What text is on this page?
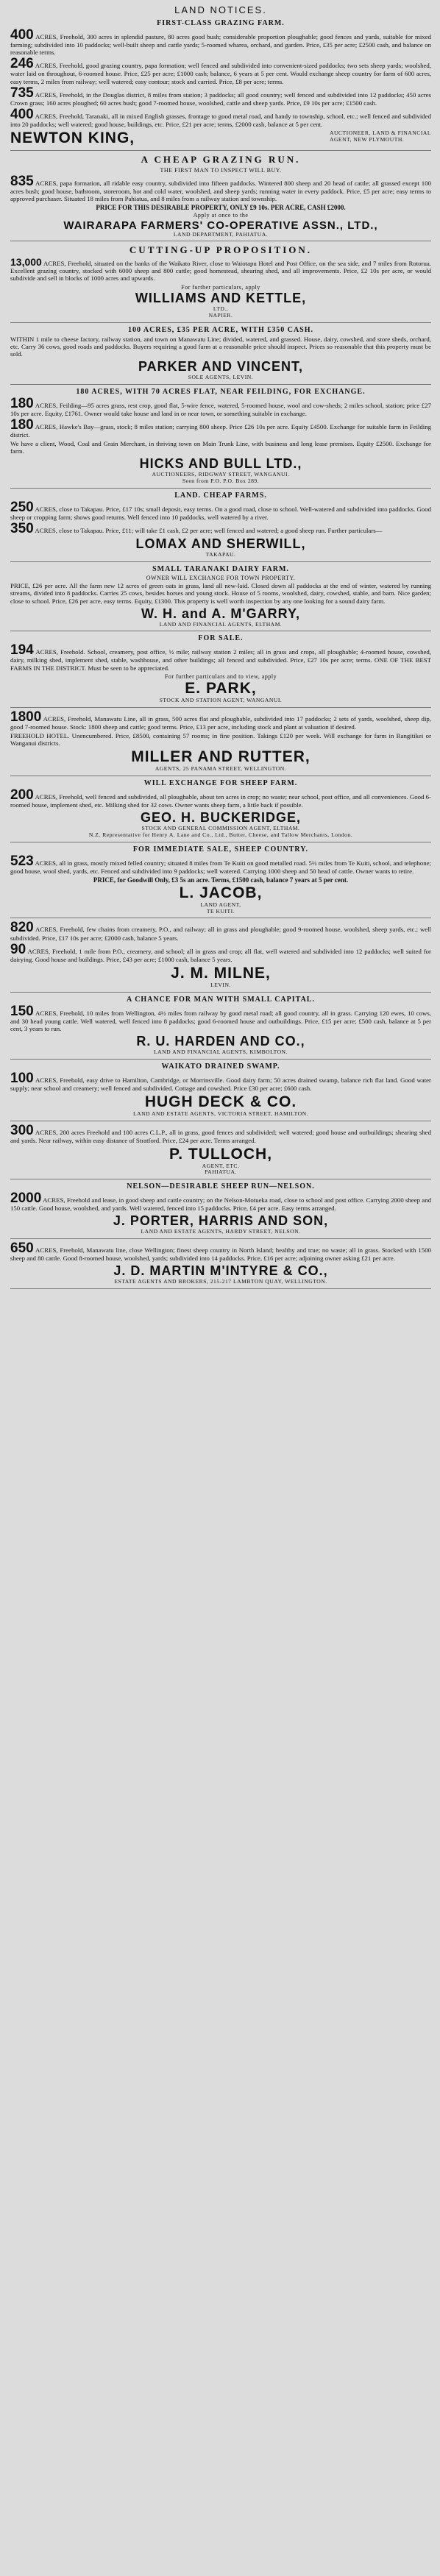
LAND NOTICES.
FIRST-CLASS GRAZING FARM.
400 ACRES, Freehold, 300 acres in splendid pasture, 80 acres good bush; considerable proportion ploughable; good fences and yards, suitable for mixed farming; subdivided into 10 paddocks; well-built sheep and cattle yards; 5-roomed wharea, orchard, and garden. Price, £35 per acre; £2500 cash, and balance on reasonable terms.
246 ACRES, Freehold, good grazing country, papa formation; well fenced and subdivided into convenient-sized paddocks; two sets sheep yards; woolshed, water laid on throughout, 6-roomed house. Price, £25 per acre; £1000 cash; balance, 6 years at 5 per cent. Would exchange sheep country for farm of 600 acres, easy terms, 2 miles from railway; well watered; easy contour; stock and carried. Price, £8 per acre; terms.
735 ACRES, Freehold, in the Douglas district, 8 miles from station; 3 paddocks; all good country; well fenced and subdivided into 12 paddocks; 450 acres Crown grass; 160 acres ploughed; 60 acres bush; good 7-roomed house, woolshed, cattle and sheep yards. Price, £9 10s per acre; £1500 cash.
400 ACRES, Freehold, Taranaki, all in mixed English grasses, frontage to good metal road, and handy to township, school, etc.; well fenced and subdivided into 20 paddocks; well watered; good house, buildings, etc. Price, £21 per acre; terms, £2000 cash, balance at 5 per cent.
NEWTON KING,	AUCTIONEER, LAND & FINANCIAL
AGENT, NEW PLYMOUTH.
A CHEAP GRAZING RUN.
THE FIRST MAN TO INSPECT WILL BUY.
835 ACRES, papa formation, all ridable easy country, subdivided into fifteen paddocks. Wintered 800 sheep and 20 head of cattle; all grassed except 100 acres bush; good house, bathroom, storeroom, hot and cold water, woolshed, and sheep yards; running water in every paddock. Price, £5 per acre; easy terms to approved purchaser. Situated 18 miles from Pahiatua, and 8 miles from a railway station and township.
PRICE FOR THIS DESIRABLE PROPERTY, ONLY £9 10s. PER ACRE, CASH £2000.
Apply at once to the
WAIRARAPA FARMERS' CO-OPERATIVE ASSN., LTD.,
LAND DEPARTMENT, PAHIATUA.
CUTTING-UP PROPOSITION.
13,000 ACRES, Freehold, situated on the banks of the Waikato River, close to Waiotapu Hotel and Post Office, on the sea side, and 7 miles from Rotorua. Excellent grazing country, stocked with 6000 sheep and 800 cattle; good homestead, shearing shed, and all improvements. Price, £2 10s per acre, or would subdivide and sell in blocks of 1000 acres and upwards.
For further particulars, apply
WILLIAMS AND KETTLE,
LTD.,
NAPIER.
100 ACRES, £35 PER ACRE, WITH £350 CASH.
WITHIN 1 mile to cheese factory, railway station, and town on Manawatu Line; divided, watered, and grassed. House, dairy, cowshed, and store sheds, orchard, etc. Carry 36 cows, good roads and paddocks. Buyers requiring a good farm at a reasonable price should inspect. Prices so reasonable that this property must be sold.
PARKER AND VINCENT,
SOLE AGENTS, LEVIN.
180 ACRES, WITH 70 ACRES FLAT, NEAR FEILDING, FOR EXCHANGE.
180 ACRES, Feilding—95 acres grass, rest crop, good flat, 5-wire fence, watered, 5-roomed house, wool and cow-sheds; 2 miles school, station; price £27 10s per acre. Equity, £1761. Owner would take house and land in or near town, or something suitable in exchange.
180 ACRES, Hawke's Bay—grass, stock; 8 miles station; carrying 800 sheep. Price £26 10s per acre. Equity £4500. Exchange for suitable farm in Feilding district.
We have a client, Wood, Coal and Grain Merchant, in thriving town on Main Trunk Line, with business and long lease premises. Equity £2500. Exchange for farm.
HICKS AND BULL LTD.,
AUCTIONEERS, RIDGWAY STREET, WANGANUI.
Seen from P.O. P.O. Box 289.
LAND. CHEAP FARMS.
250 ACRES, close to Takapau. Price, £17 10s; small deposit, easy terms. On a good road, close to school. Well-watered and subdivided into paddocks. Good sheep or cropping farm; shows good returns. Well fenced into 10 paddocks, well watered by a river.
350 ACRES, close to Takapau. Price, £11; will take £1 cash, £2 per acre; well fenced and watered; a good sheep run. Further particulars—
LOMAX AND SHERWILL,
TAKAPAU.
SMALL TARANAKI DAIRY FARM.
OWNER WILL EXCHANGE FOR TOWN PROPERTY.
PRICE, £26 per acre. All the farm new 12 acres of green oats in grass, land all new-laid. Closed down all paddocks at the end of winter, watered by running streams, divided into 8 paddocks. Carries 25 cows, besides horses and young stock. House of 5 rooms, woolshed, dairy, cowshed, stable, and barn. Nice garden; close to school. Price, £26 per acre, easy terms. Equity, £1300. This property is well worth inspection by any one looking for a sound dairy farm.
W. H. and A. M'GARRY,
LAND AND FINANCIAL AGENTS, ELTHAM.
FOR SALE.
194 ACRES, Freehold. School, creamery, post office, ½ mile; railway station 2 miles; all in grass and crops, all ploughable; 4-roomed house, cowshed, dairy, milking shed, implement shed, stable, washhouse, and other buildings; all fenced and subdivided. Price, £27 10s per acre; terms. ONE OF THE BEST FARMS IN THE DISTRICT. Must be seen to be appreciated.
For further particulars and to view, apply
E. PARK,
STOCK AND STATION AGENT, WANGANUI.
1800 ACRES, Freehold, Manawatu Line, all in grass, 500 acres flat and ploughable, subdivided into 17 paddocks; 2 sets of yards, woolshed, sheep dip, good 7-roomed house. Stock: 1800 sheep and cattle; good terms. Price, £13 per acre, including stock and plant at valuation if desired.
FREEHOLD HOTEL. Unencumbered. Price, £8500, containing 57 rooms; in fine position. Takings £120 per week. Will exchange for farm in Rangitikei or Wanganui districts.
MILLER AND RUTTER,
AGENTS, 25 PANAMA STREET, WELLINGTON.
WILL EXCHANGE FOR SHEEP FARM.
200 ACRES, Freehold, well fenced and subdivided, all ploughable, about ten acres in crop; no waste; near school, post office, and all conveniences. Good 6-roomed house, implement shed, etc. Milking shed for 32 cows. Owner wants sheep farm, a little back if possible.
GEO. H. BUCKERIDGE,
STOCK AND GENERAL COMMISSION AGENT, ELTHAM.
N.Z. Representative for Henry A. Lane and Co., Ltd., Butter, Cheese, and Tallow Merchants, London.
FOR IMMEDIATE SALE, SHEEP COUNTRY.
523 ACRES, all in grass, mostly mixed felled country; situated 8 miles from Te Kuiti on good metalled road. 5½ miles from Te Kuiti, school, and telephone; good house, wool shed, yards, etc. Fenced and subdivided into 9 paddocks; well watered. Carrying 1000 sheep and 50 head of cattle. Owner wants to retire.
PRICE, for Goodwill Only, £3 5s an acre. Terms, £1500 cash, balance 7 years at 5 per cent.
L. JACOB,
LAND AGENT,
TE KUITI.
820 ACRES, Freehold, few chains from creamery, P.O., and railway; all in grass and ploughable; good 9-roomed house, woolshed, sheep yards, etc.; well subdivided. Price, £17 10s per acre; £2000 cash, balance 5 years.
90 ACRES, Freehold, 1 mile from P.O., creamery, and school; all in grass and crop; all flat, well watered and subdivided into 12 paddocks; well suited for dairying. Good house and buildings. Price, £43 per acre; £1000 cash, balance 5 years.
J. M. MILNE,
LEVIN.
A CHANCE FOR MAN WITH SMALL CAPITAL.
150 ACRES, Freehold, 10 miles from Wellington, 4½ miles from railway by good metal road; all good country, all in grass. Carrying 120 ewes, 10 cows, and 30 head young cattle. Well watered, well fenced into 8 paddocks; good 6-roomed house and outbuildings. Price, £15 per acre; £500 cash, balance at 5 per cent, 3 years to run.
R. U. HARDEN AND CO.,
LAND AND FINANCIAL AGENTS, KIMBOLTON.
WAIKATO DRAINED SWAMP.
100 ACRES, Freehold, easy drive to Hamilton, Cambridge, or Morrinsville. Good dairy farm; 50 acres drained swamp, balance rich flat land. Good water supply; near school and creamery; well fenced and subdivided. Cottage and cowshed. Price £30 per acre; £600 cash.
HUGH DECK & CO.
LAND AND ESTATE AGENTS, VICTORIA STREET, HAMILTON.
300 ACRES, 200 acres Freehold and 100 acres C.L.P., all in grass, good fences and subdivided; well watered; good house and outbuildings; shearing shed and yards. Near railway, within easy distance of Stratford. Price, £24 per acre. Terms arranged.
P. TULLOCH,
AGENT, ETC.
PAHIATUA.
NELSON—DESIRABLE SHEEP RUN—NELSON.
2000 ACRES, Freehold and lease, in good sheep and cattle country; on the Nelson-Motueka road, close to school and post office. Carrying 2000 sheep and 150 cattle. Good house, woolshed, and yards. Well watered, fenced into 15 paddocks. Price, £4 per acre. Easy terms arranged.
J. PORTER, HARRIS AND SON,
LAND AND ESTATE AGENTS, HARDY STREET, NELSON.
650 ACRES, Freehold, Manawatu line, close Wellington; finest sheep country in North Island; healthy and true; no waste; all in grass. Stocked with 1500 sheep and 80 cattle. Good 8-roomed house, woolshed, yards; subdivided into 14 paddocks. Price, £16 per acre; adjoining owner asking £21 per acre.
J. D. MARTIN M'INTYRE & CO.,
ESTATE AGENTS AND BROKERS, 215-217 LAMBTON QUAY, WELLINGTON.
